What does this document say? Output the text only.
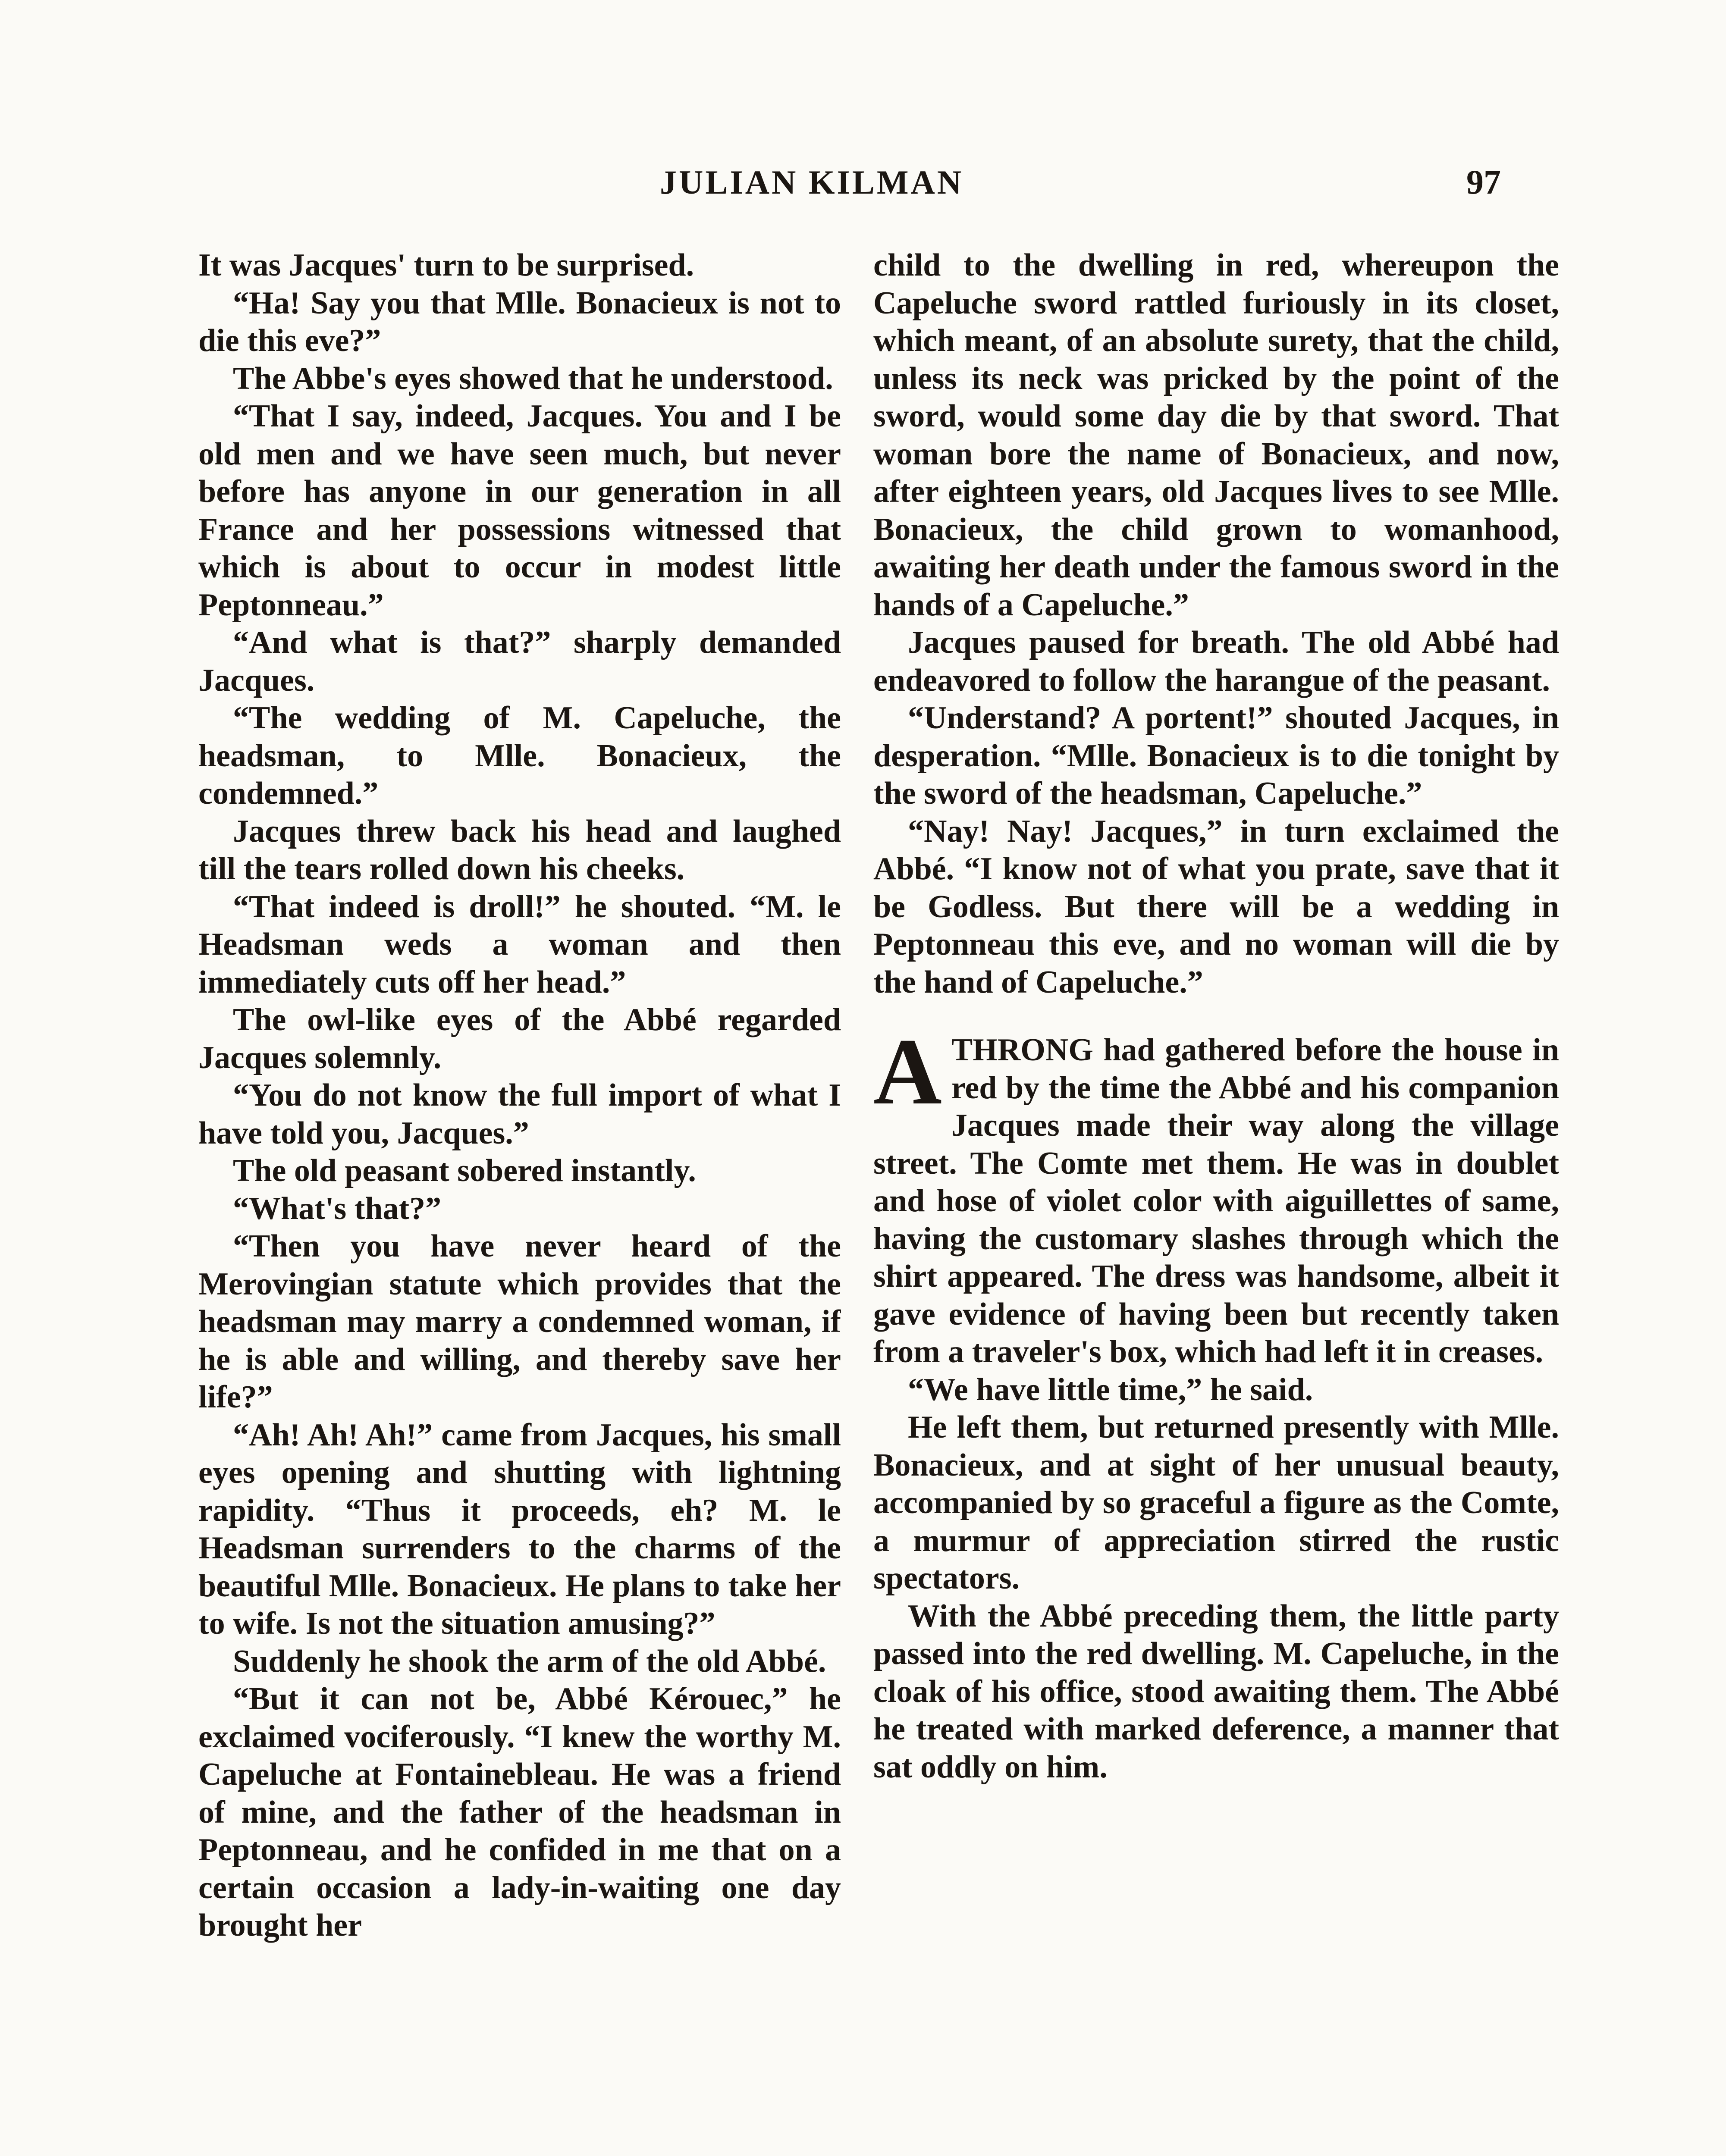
JULIAN KILMAN	97

It was Jacques' turn to be surprised.

“Ha! Say you that Mlle. Bonacieux is not to die this eve?”

The Abbe's eyes showed that he understood.

“That I say, indeed, Jacques. You and I be old men and we have seen much, but never before has anyone in our generation in all France and her possessions witnessed that which is about to occur in modest little Peptonneau.”

“And what is that?” sharply demanded Jacques.

“The wedding of M. Capeluche, the headsman, to Mlle. Bonacieux, the condemned.”

Jacques threw back his head and laughed till the tears rolled down his cheeks.

“That indeed is droll!” he shouted. “M. le Headsman weds a woman and then immediately cuts off her head.”

The owl-like eyes of the Abbé regarded Jacques solemnly.

“You do not know the full import of what I have told you, Jacques.”

The old peasant sobered instantly.

“What's that?”

“Then you have never heard of the Merovingian statute which provides that the headsman may marry a condemned woman, if he is able and willing, and thereby save her life?”

“Ah! Ah! Ah!” came from Jacques, his small eyes opening and shutting with lightning rapidity. “Thus it proceeds, eh? M. le Headsman surrenders to the charms of the beautiful Mlle. Bonacieux. He plans to take her to wife. Is not the situation amusing?”

Suddenly he shook the arm of the old Abbé.

“But it can not be, Abbé Kérouec,” he exclaimed vociferously. “I knew the worthy M. Capeluche at Fontainebleau. He was a friend of mine, and the father of the headsman in Peptonneau, and he confided in me that on a certain occasion a lady-in-waiting one day brought her

child to the dwelling in red, whereupon the Capeluche sword rattled furiously in its closet, which meant, of an absolute surety, that the child, unless its neck was pricked by the point of the sword, would some day die by that sword. That woman bore the name of Bonacieux, and now, after eighteen years, old Jacques lives to see Mlle. Bonacieux, the child grown to womanhood, awaiting her death under the famous sword in the hands of a Capeluche.”

Jacques paused for breath. The old Abbé had endeavored to follow the harangue of the peasant.

“Understand? A portent!” shouted Jacques, in desperation. “Mlle. Bonacieux is to die tonight by the sword of the headsman, Capeluche.”

“Nay! Nay! Jacques,” in turn exclaimed the Abbé. “I know not of what you prate, save that it be Godless. But there will be a wedding in Peptonneau this eve, and no woman will die by the hand of Capeluche.”

A THRONG had gathered before the house in red by the time the Abbé and his companion Jacques made their way along the village street. The Comte met them. He was in doublet and hose of violet color with aiguillettes of same, having the customary slashes through which the shirt appeared. The dress was handsome, albeit it gave evidence of having been but recently taken from a traveler's box, which had left it in creases.

“We have little time,” he said.

He left them, but returned presently with Mlle. Bonacieux, and at sight of her unusual beauty, accompanied by so graceful a figure as the Comte, a murmur of appreciation stirred the rustic spectators.

With the Abbé preceding them, the little party passed into the red dwelling. M. Capeluche, in the cloak of his office, stood awaiting them. The Abbé he treated with marked deference, a manner that sat oddly on him.
